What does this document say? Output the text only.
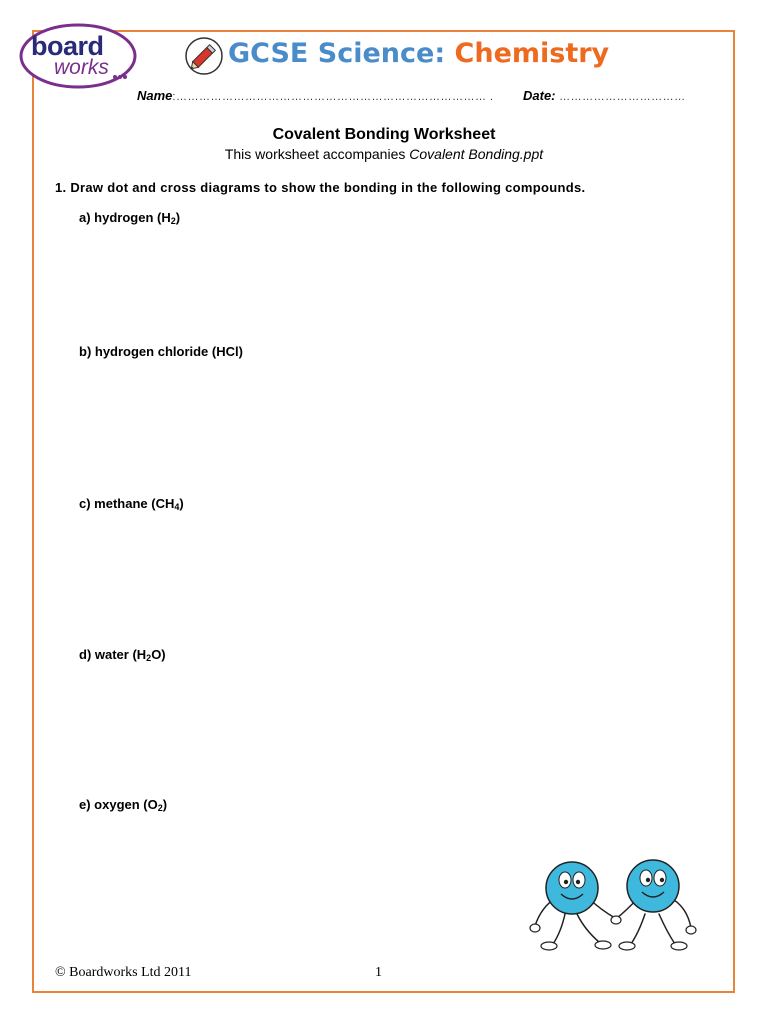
board
works	GCSE Science: Chemistry
Name:……………………………………………………………………… . Date: ……………………………
Covalent Bonding Worksheet
This worksheet accompanies Covalent Bonding.ppt
1. Draw dot and cross diagrams to show the bonding in the following compounds.
a) hydrogen $(H_2)$
b) hydrogen chloride (HCl)
c) methane $(CH_4)$
d) water $(H_2O)$
e) oxygen $(O_2)$
© Boardworks Ltd 2011	1
